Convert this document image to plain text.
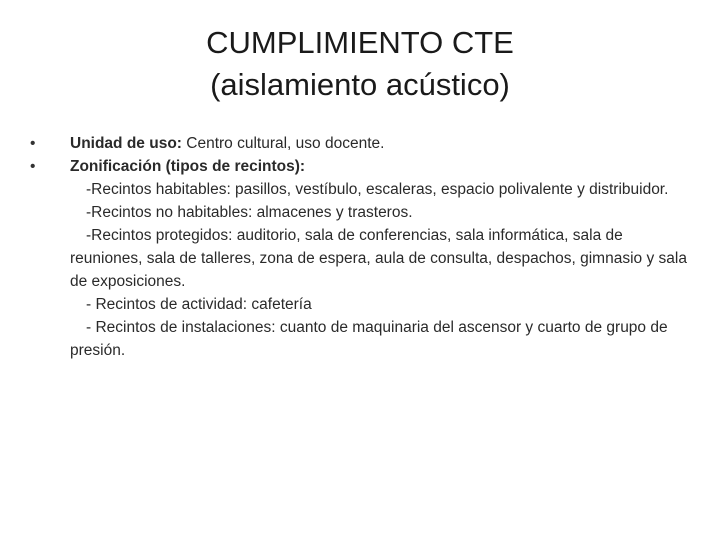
CUMPLIMIENTO CTE
(aislamiento acústico)
•	Unidad de uso: Centro cultural, uso docente.
•	Zonificación (tipos de recintos):
-Recintos habitables: pasillos, vestíbulo, escaleras, espacio polivalente y distribuidor.
-Recintos no habitables: almacenes y trasteros.
-Recintos protegidos: auditorio, sala de conferencias, sala informática, sala de reuniones, sala de talleres, zona de espera, aula de consulta, despachos, gimnasio y sala de exposiciones.
- Recintos de actividad: cafetería
- Recintos de instalaciones: cuanto de maquinaria del ascensor y cuarto de grupo de presión.
